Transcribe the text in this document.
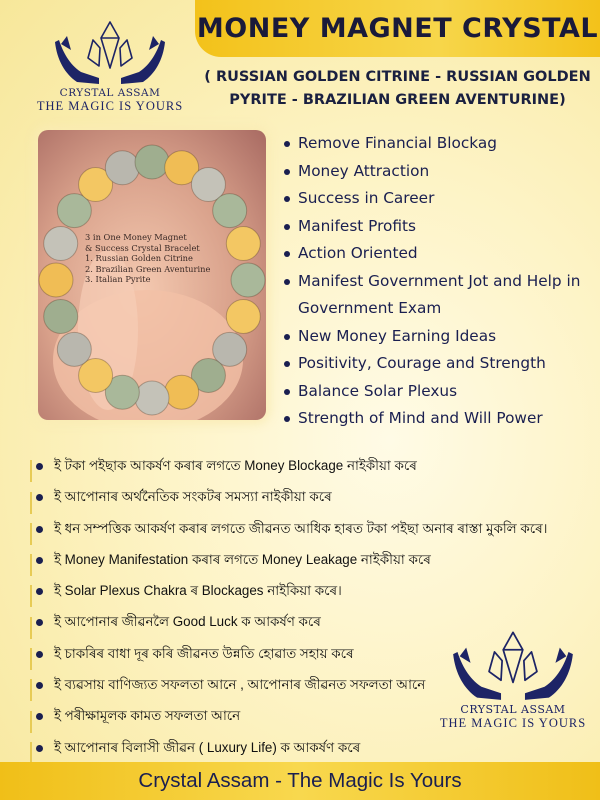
MONEY MAGNET CRYSTAL
( RUSSIAN GOLDEN CITRINE - RUSSIAN GOLDEN PYRITE - BRAZILIAN GREEN AVENTURINE)
CRYSTAL ASSAM
THE MAGIC IS YOURS
3 in One Money Magnet
& Success Crystal Bracelet
1. Russian Golden Citrine
2. Brazilian Green Aventurine
3. Italian Pyrite
Remove Financial Blockag
Money Attraction
Success in Career
Manifest Profits
Action Oriented
Manifest Government Jot and Help in Government Exam
New Money Earning Ideas
Positivity, Courage and Strength
Balance Solar Plexus
Strength of Mind and Will Power
ই টকা পইছাক আকৰ্ষণ কৰাৰ লগতে Money Blockage নাইকীয়া কৰে
ই আপোনাৰ অৰ্থনৈতিক সংকটৰ সমস্যা নাইকীয়া কৰে
ই ধন সম্পত্তিক আকৰ্ষণ কৰাৰ লগতে জীৱনত আধিক হাৰত টকা পইছা অনাৰ ৰাস্তা মুকলি কৰে।
ই Money Manifestation কৰাৰ লগতে Money Leakage নাইকীয়া কৰে
ই Solar Plexus Chakra ৰ Blockages নাইকিয়া কৰে।
ই আপোনাৰ জীৱনলৈ Good Luck ক আকৰ্ষণ কৰে
ই চাকৰিৰ বাধা দূৰ কৰি জীৱনত উন্নতি হোৱাত সহায় কৰে
ই ব্যৱসায় বাণিজ্যত সফলতা আনে , আপোনাৰ জীৱনত সফলতা আনে
ই পৰীক্ষামূলক কামত সফলতা আনে
ই আপোনাৰ বিলাসী জীৱন ( Luxury Life) ক আকৰ্ষণ কৰে
CRYSTAL ASSAM
THE MAGIC IS YOURS
Crystal Assam - The Magic Is Yours
